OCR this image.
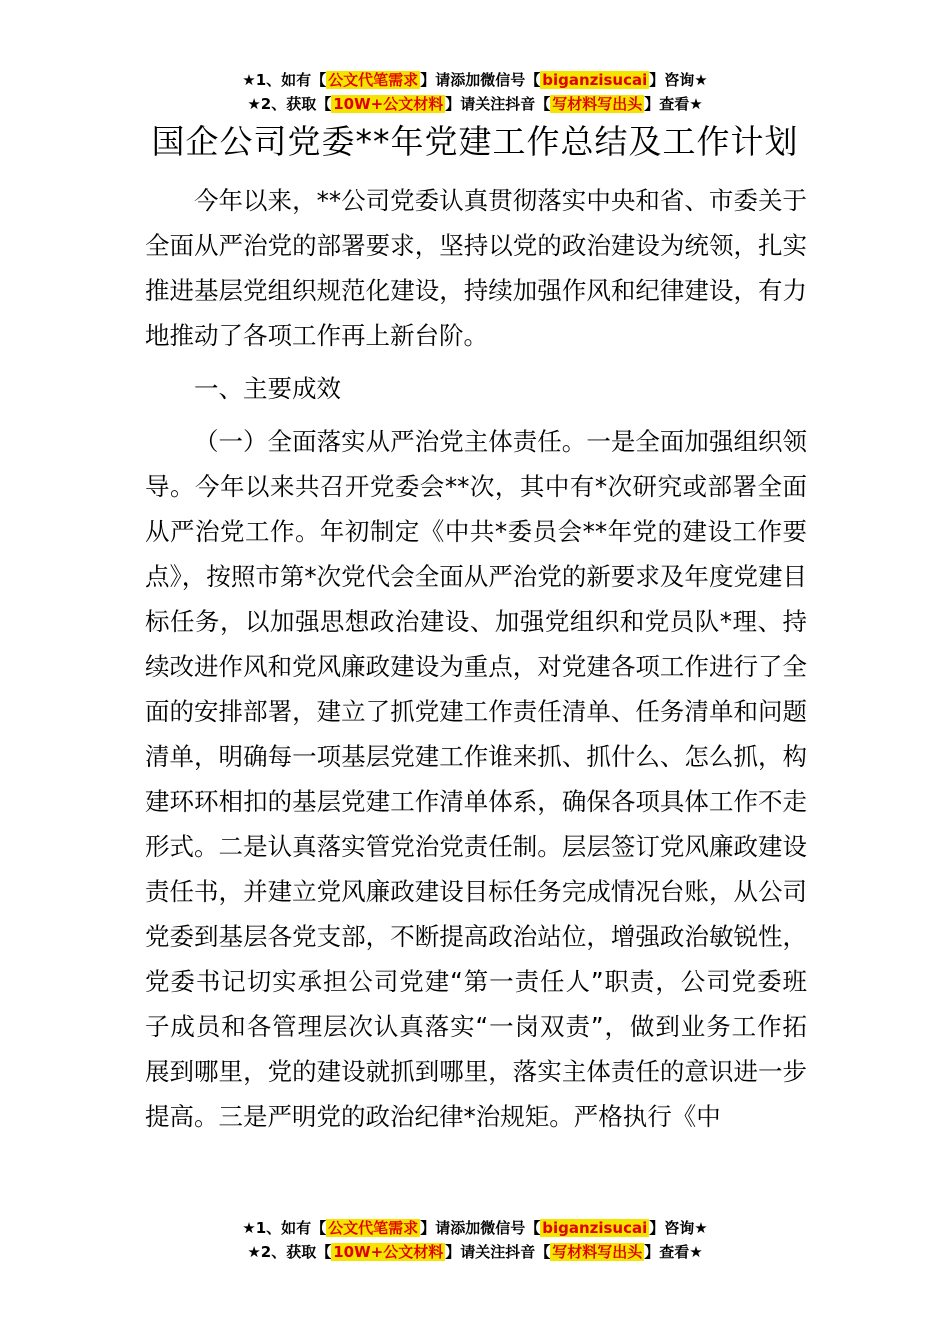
★1、如有【 公文代笔需求 】请添加微信号【 biganzisucai 】咨询★
★2、获取【 10W+公文材料 】请关注抖音【 写材料写出头 】查看★
国企公司党委**年党建工作总结及工作计划

今年以来，**公司党委认真贯彻落实中央和省、市委关于全面从严治党的部署要求，坚持以党的政治建设为统领，扎实推进基层党组织规范化建设，持续加强作风和纪律建设，有力地推动了各项工作再上新台阶。

一、主要成效

（一）全面落实从严治党主体责任。一是全面加强组织领导。今年以来共召开党委会**次，其中有*次研究或部署全面从严治党工作。年初制定《中共*委员会**年党的建设工作要点》，按照市第*次党代会全面从严治党的新要求及年度党建目标任务，以加强思想政治建设、加强党组织和党员队*理、持续改进作风和党风廉政建设为重点，对党建各项工作进行了全面的安排部署，建立了抓党建工作责任清单、任务清单和问题清单，明确每一项基层党建工作谁来抓、抓什么、怎么抓，构建环环相扣的基层党建工作清单体系，确保各项具体工作不走形式。二是认真落实管党治党责任制。层层签订党风廉政建设责任书，并建立党风廉政建设目标任务完成情况台账，从公司党委到基层各党支部，不断提高政治站位，增强政治敏锐性，党委书记切实承担公司党建“第一责任人”职责，公司党委班子成员和各管理层次认真落实“一岗双责”，做到业务工作拓展到哪里，党的建设就抓到哪里，落实主体责任的意识进一步提高。三是严明党的政治纪律*治规矩。严格执行《中

★1、如有【 公文代笔需求 】请添加微信号【 biganzisucai 】咨询★
★2、获取【 10W+公文材料 】请关注抖音【 写材料写出头 】查看★
